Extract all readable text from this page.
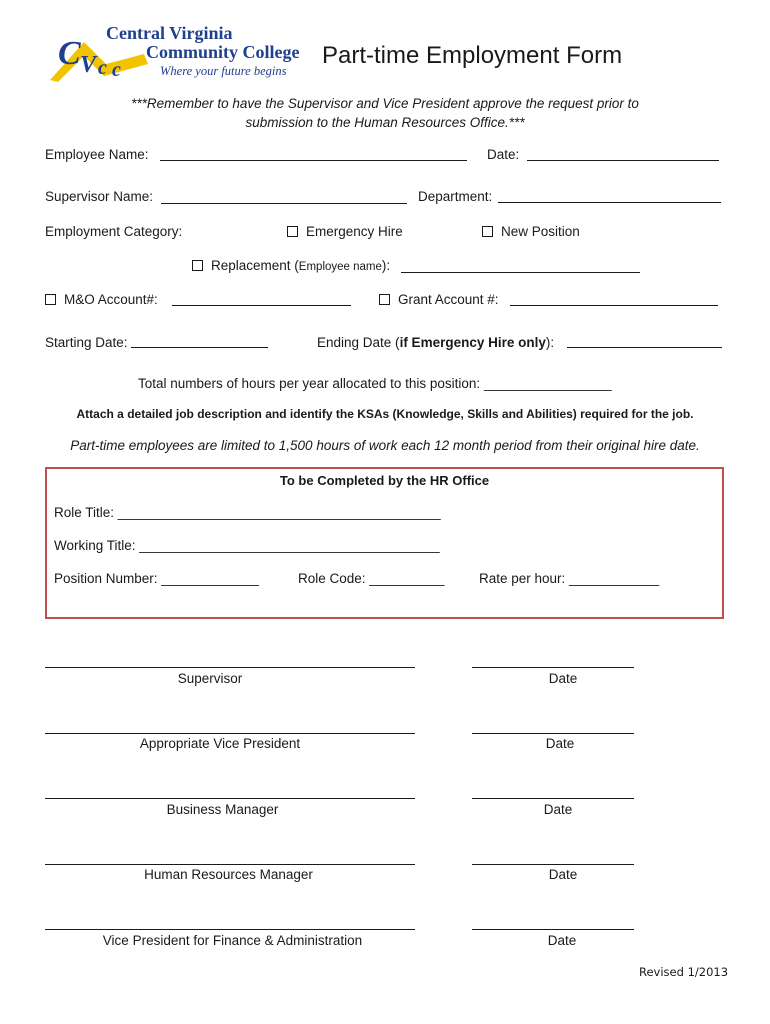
C V c c
Central Virginia
Community College
Where your future begins
Part-time Employment Form
***Remember to have the Supervisor and Vice President approve the request prior to
submission to the Human Resources Office.***
Employee Name:	Date:
Supervisor Name:	Department:
Employment Category:	Emergency Hire	New Position
Replacement (Employee name):
M&O Account#:	Grant Account #:
Starting Date:	Ending Date (if Emergency Hire only):
Total numbers of hours per year allocated to this position: _________________
Attach a detailed job description and identify the KSAs (Knowledge, Skills and Abilities) required for the job.
Part-time employees are limited to 1,500 hours of work each 12 month period from their original hire date.
To be Completed by the HR Office
Role Title: ___________________________________________
Working Title: ________________________________________
Position Number: _____________	Role Code: __________	Rate per hour: ____________
Supervisor	Date
Appropriate Vice President	Date
Business Manager	Date
Human Resources Manager	Date
Vice President for Finance & Administration	Date
Revised 1/2013
